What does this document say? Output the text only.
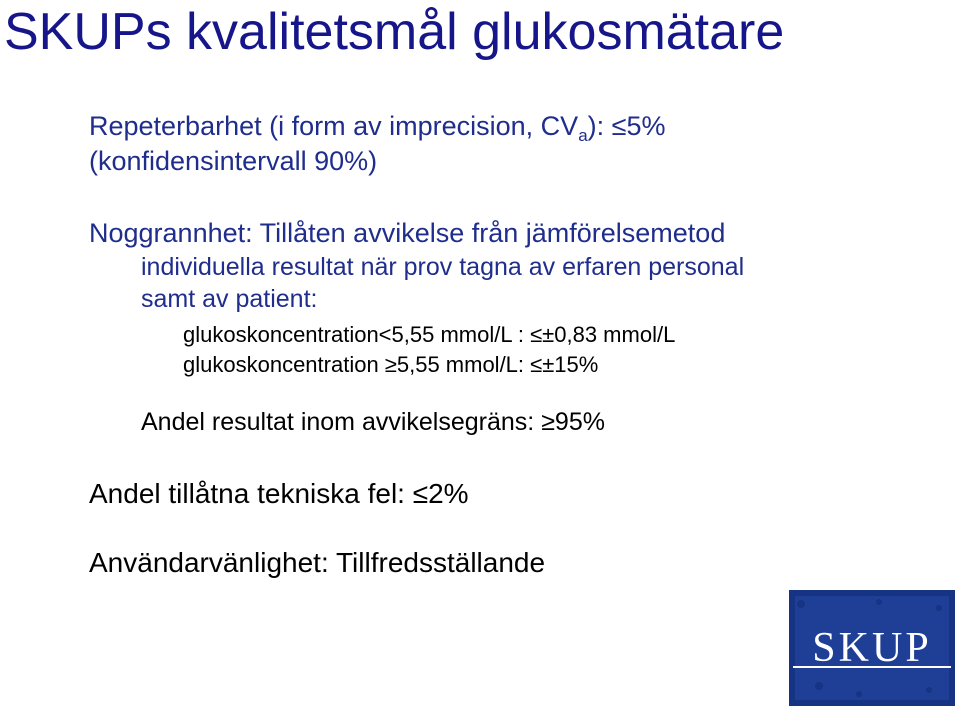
SKUPs kvalitetsmål glukosmätare
Repeterbarhet (i form av imprecision, $CV_a$): ≤5%
(konfidensintervall 90%)
Noggrannhet: Tillåten avvikelse från jämförelsemetod
individuella resultat när prov tagna av erfaren personal
samt av patient:
glukoskoncentration<5,55 mmol/L : ≤±0,83 mmol/L
glukoskoncentration ≥5,55 mmol/L: ≤±15%
Andel resultat inom avvikelsegräns: ≥95%
Andel tillåtna tekniska fel: ≤2%
Användarvänlighet: Tillfredsställande
SKUP
